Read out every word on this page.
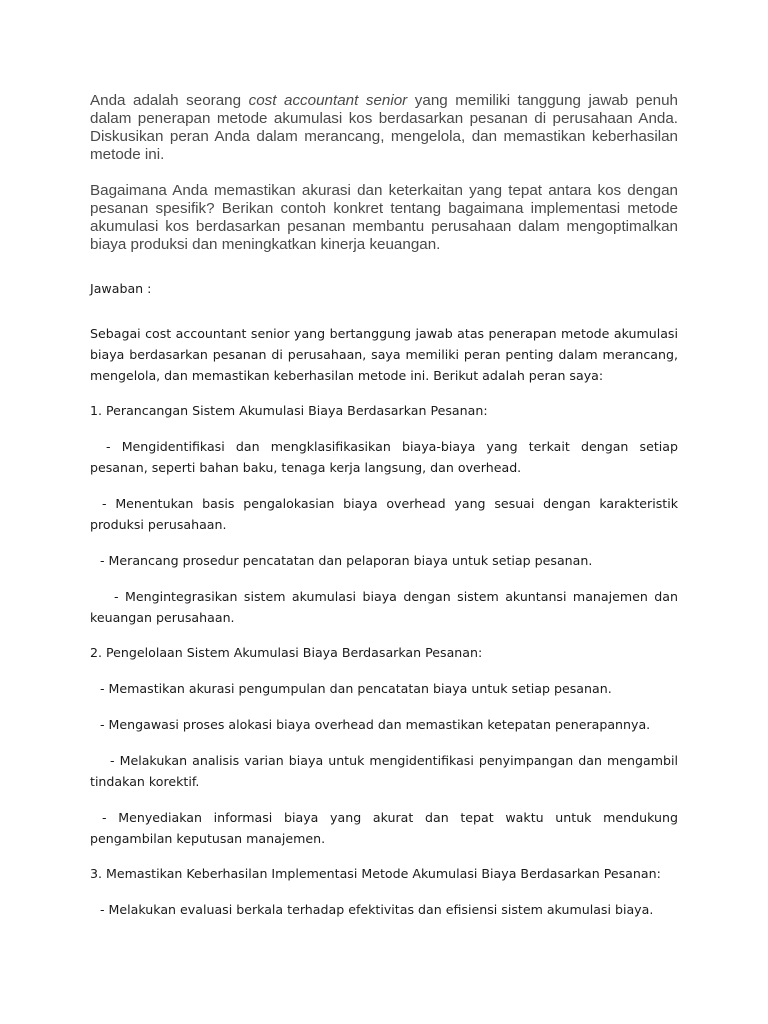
Anda adalah seorang cost accountant senior yang memiliki tanggung jawab penuh dalam penerapan metode akumulasi kos berdasarkan pesanan di perusahaan Anda. Diskusikan peran Anda dalam merancang, mengelola, dan memastikan keberhasilan metode ini.

Bagaimana Anda memastikan akurasi dan keterkaitan yang tepat antara kos dengan pesanan spesifik? Berikan contoh konkret tentang bagaimana implementasi metode akumulasi kos berdasarkan pesanan membantu perusahaan dalam mengoptimalkan biaya produksi dan meningkatkan kinerja keuangan.

Jawaban :

Sebagai cost accountant senior yang bertanggung jawab atas penerapan metode akumulasi biaya berdasarkan pesanan di perusahaan, saya memiliki peran penting dalam merancang, mengelola, dan memastikan keberhasilan metode ini. Berikut adalah peran saya:

1. Perancangan Sistem Akumulasi Biaya Berdasarkan Pesanan:

- Mengidentifikasi dan mengklasifikasikan biaya-biaya yang terkait dengan setiap pesanan, seperti bahan baku, tenaga kerja langsung, dan overhead.

- Menentukan basis pengalokasian biaya overhead yang sesuai dengan karakteristik produksi perusahaan.

- Merancang prosedur pencatatan dan pelaporan biaya untuk setiap pesanan.

- Mengintegrasikan sistem akumulasi biaya dengan sistem akuntansi manajemen dan keuangan perusahaan.

2. Pengelolaan Sistem Akumulasi Biaya Berdasarkan Pesanan:

- Memastikan akurasi pengumpulan dan pencatatan biaya untuk setiap pesanan.

- Mengawasi proses alokasi biaya overhead dan memastikan ketepatan penerapannya.

- Melakukan analisis varian biaya untuk mengidentifikasi penyimpangan dan mengambil tindakan korektif.

- Menyediakan informasi biaya yang akurat dan tepat waktu untuk mendukung pengambilan keputusan manajemen.

3. Memastikan Keberhasilan Implementasi Metode Akumulasi Biaya Berdasarkan Pesanan:

- Melakukan evaluasi berkala terhadap efektivitas dan efisiensi sistem akumulasi biaya.
